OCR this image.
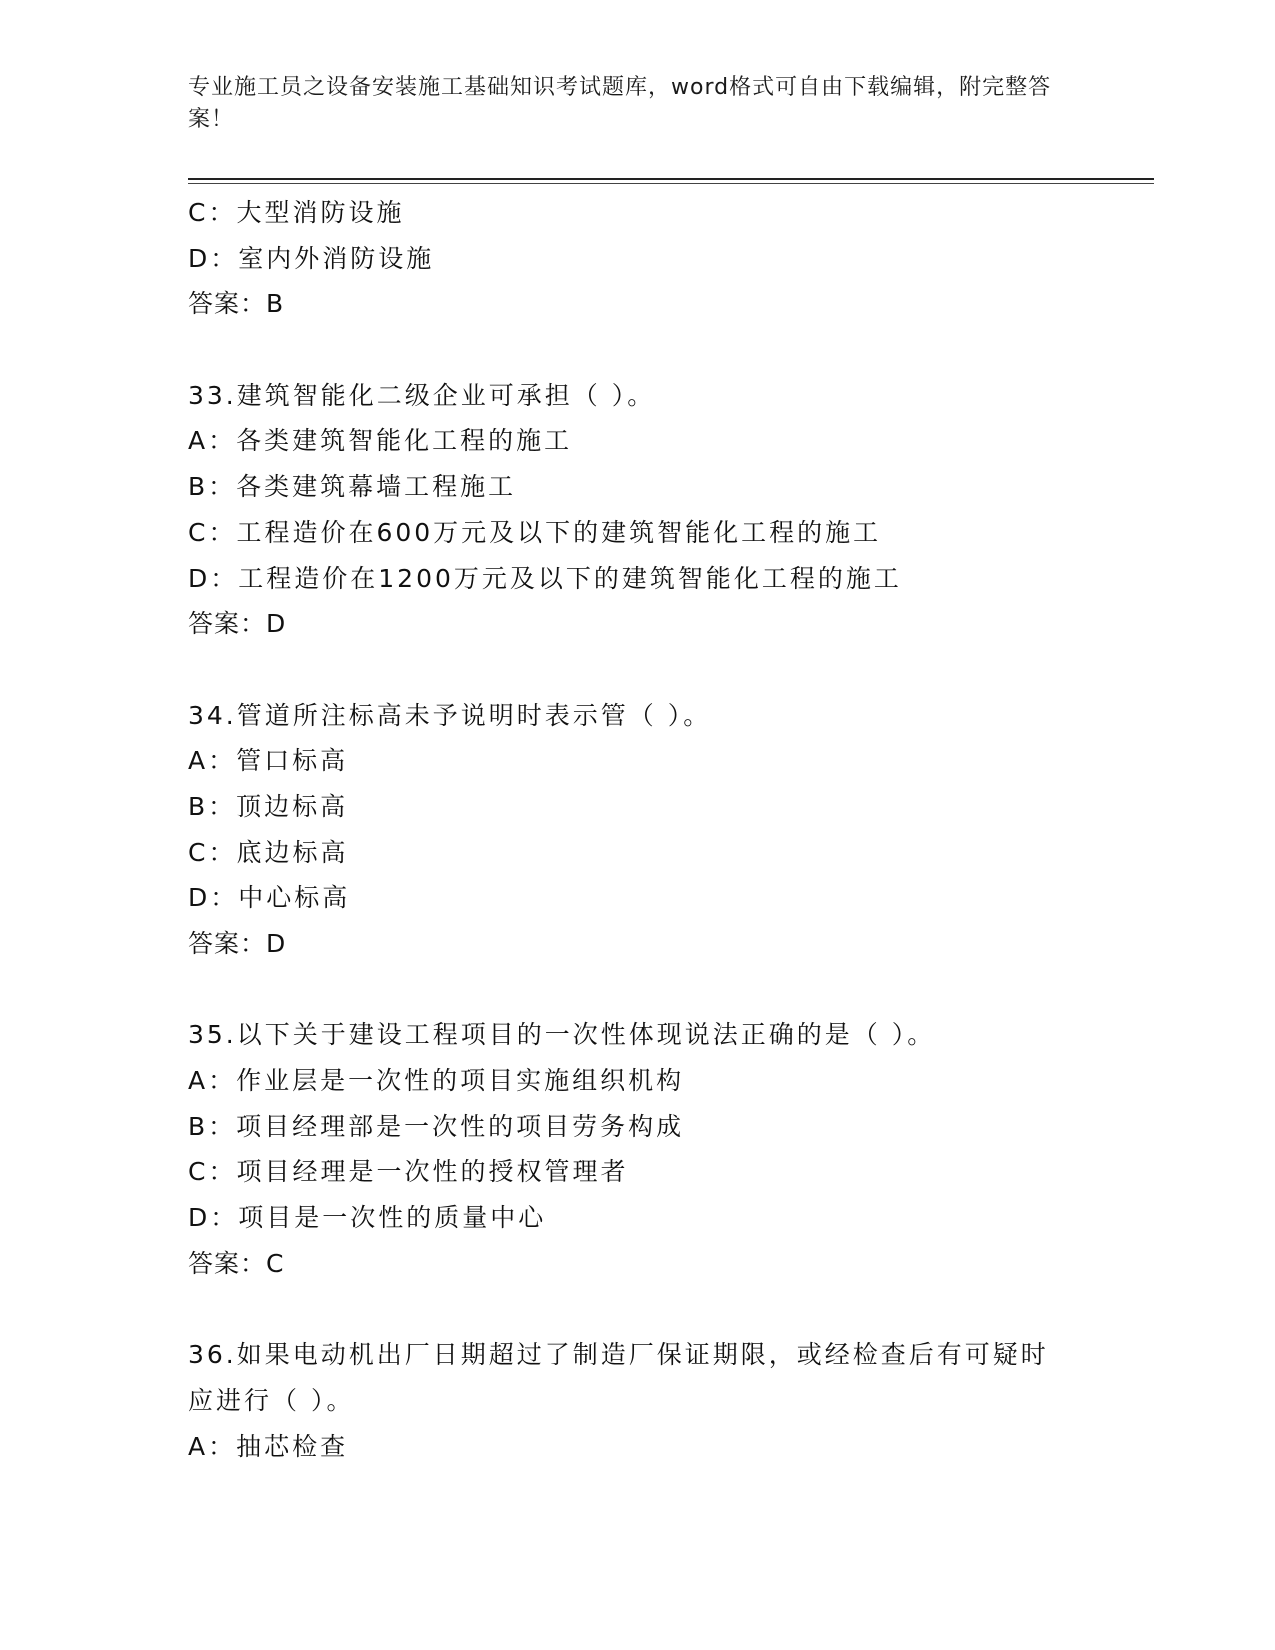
专业施工员之设备安装施工基础知识考试题库，word格式可自由下载编辑，附完整答案！
C：大型消防设施
D：室内外消防设施
答案：B
33.建筑智能化二级企业可承担（ ）。
A：各类建筑智能化工程的施工
B：各类建筑幕墙工程施工
C：工程造价在600万元及以下的建筑智能化工程的施工
D：工程造价在1200万元及以下的建筑智能化工程的施工
答案：D
34.管道所注标高未予说明时表示管（ ）。
A：管口标高
B：顶边标高
C：底边标高
D：中心标高
答案：D
35.以下关于建设工程项目的一次性体现说法正确的是（ ）。
A：作业层是一次性的项目实施组织机构
B：项目经理部是一次性的项目劳务构成
C：项目经理是一次性的授权管理者
D：项目是一次性的质量中心
答案：C
36.如果电动机出厂日期超过了制造厂保证期限，或经检查后有可疑时
应进行（ ）。
A：抽芯检查
